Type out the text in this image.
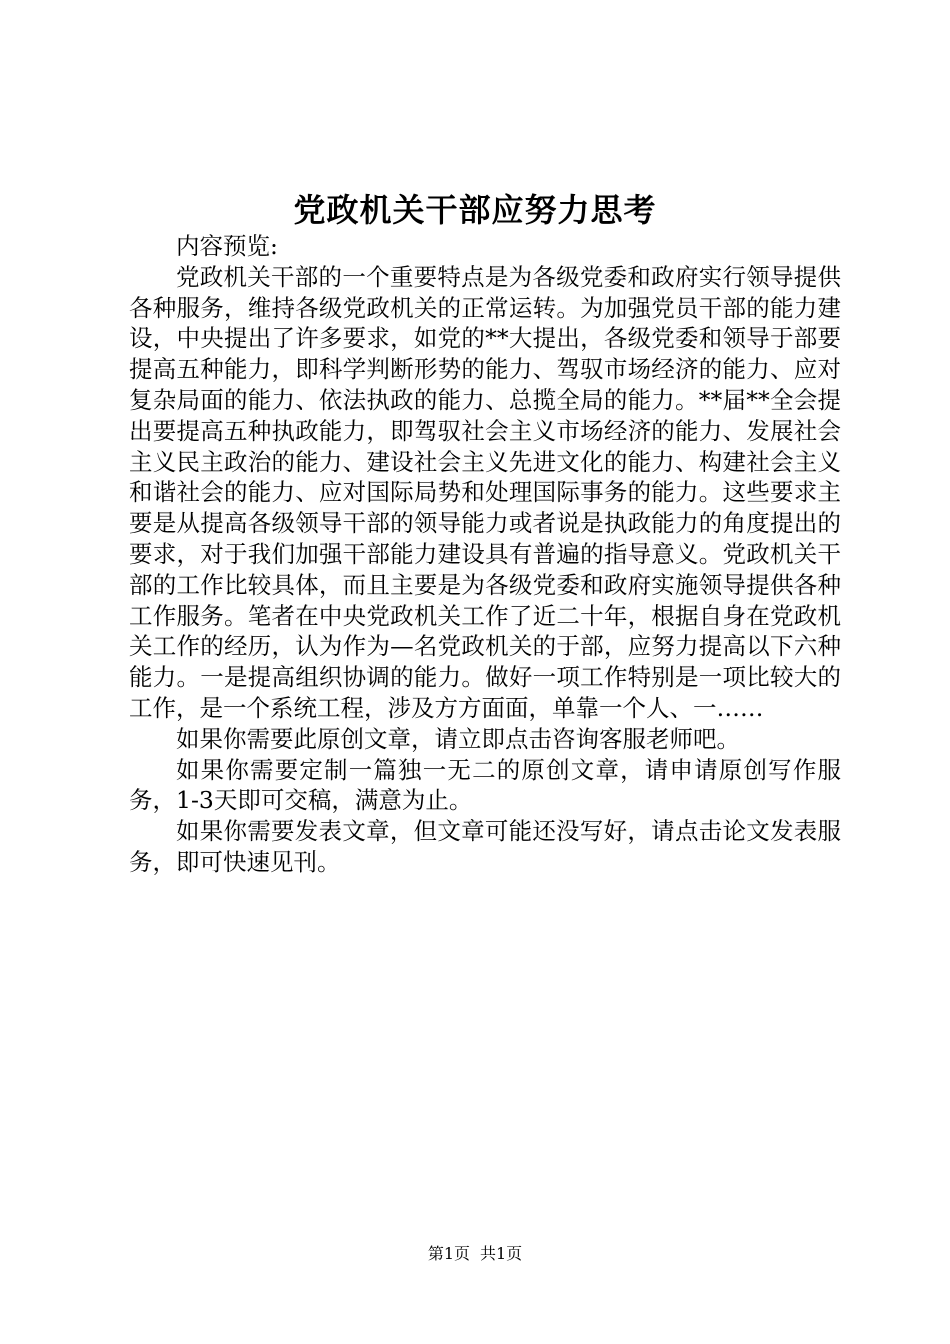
党政机关干部应努力思考

内容预览:

党政机关干部的一个重要特点是为各级党委和政府实行领导提供各种服务，维持各级党政机关的正常运转。为加强党员干部的能力建设，中央提出了许多要求，如党的**大提出，各级党委和领导于部要提高五种能力，即科学判断形势的能力、驾驭市场经济的能力、应对复杂局面的能力、依法执政的能力、总揽全局的能力。**届**全会提出要提高五种执政能力，即驾驭社会主义市场经济的能力、发展社会主义民主政治的能力、建设社会主义先进文化的能力、构建社会主义和谐社会的能力、应对国际局势和处理国际事务的能力。这些要求主要是从提高各级领导干部的领导能力或者说是执政能力的角度提出的要求，对于我们加强干部能力建设具有普遍的指导意义。党政机关干部的工作比较具体，而且主要是为各级党委和政府实施领导提供各种工作服务。笔者在中央党政机关工作了近二十年，根据自身在党政机关工作的经历，认为作为—名党政机关的于部，应努力提高以下六种能力。一是提高组织协调的能力。做好一项工作特别是一项比较大的工作，是一个系统工程，涉及方方面面，单靠一个人、一……

如果你需要此原创文章，请立即点击咨询客服老师吧。

如果你需要定制一篇独一无二的原创文章，请申请原创写作服务，1-3天即可交稿，满意为止。

如果你需要发表文章，但文章可能还没写好，请点击论文发表服务，即可快速见刊。

第1页 共1页
